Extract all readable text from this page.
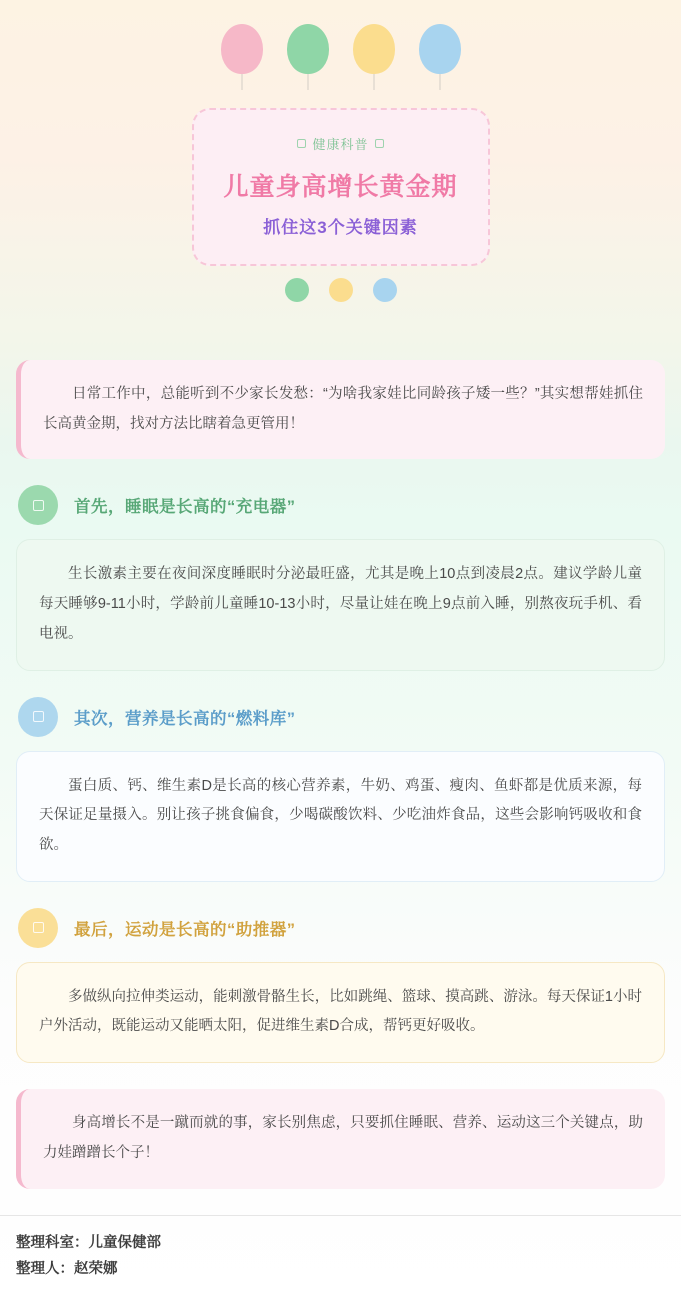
健康科普
儿童身高增长黄金期
抓住这3个关键因素

日常工作中，总能听到不少家长发愁：“为啥我家娃比同龄孩子矮一些？”其实想帮娃抓住长高黄金期，找对方法比瞎着急更管用！

首先，睡眠是长高的“充电器”

生长激素主要在夜间深度睡眠时分泌最旺盛，尤其是晚上10点到凌晨2点。建议学龄儿童每天睡够9-11小时，学龄前儿童睡10-13小时，尽量让娃在晚上9点前入睡，别熬夜玩手机、看电视。

其次，营养是长高的“燃料库”

蛋白质、钙、维生素D是长高的核心营养素，牛奶、鸡蛋、瘦肉、鱼虾都是优质来源，每天保证足量摄入。别让孩子挑食偏食，少喝碳酸饮料、少吃油炸食品，这些会影响钙吸收和食欲。

最后，运动是长高的“助推器”

多做纵向拉伸类运动，能刺激骨骼生长，比如跳绳、篮球、摸高跳、游泳。每天保证1小时户外活动，既能运动又能晒太阳，促进维生素D合成，帮钙更好吸收。

身高增长不是一蹴而就的事，家长别焦虑，只要抓住睡眠、营养、运动这三个关键点，助力娃蹭蹭长个子！

整理科室：儿童保健部
整理人：赵荣娜
